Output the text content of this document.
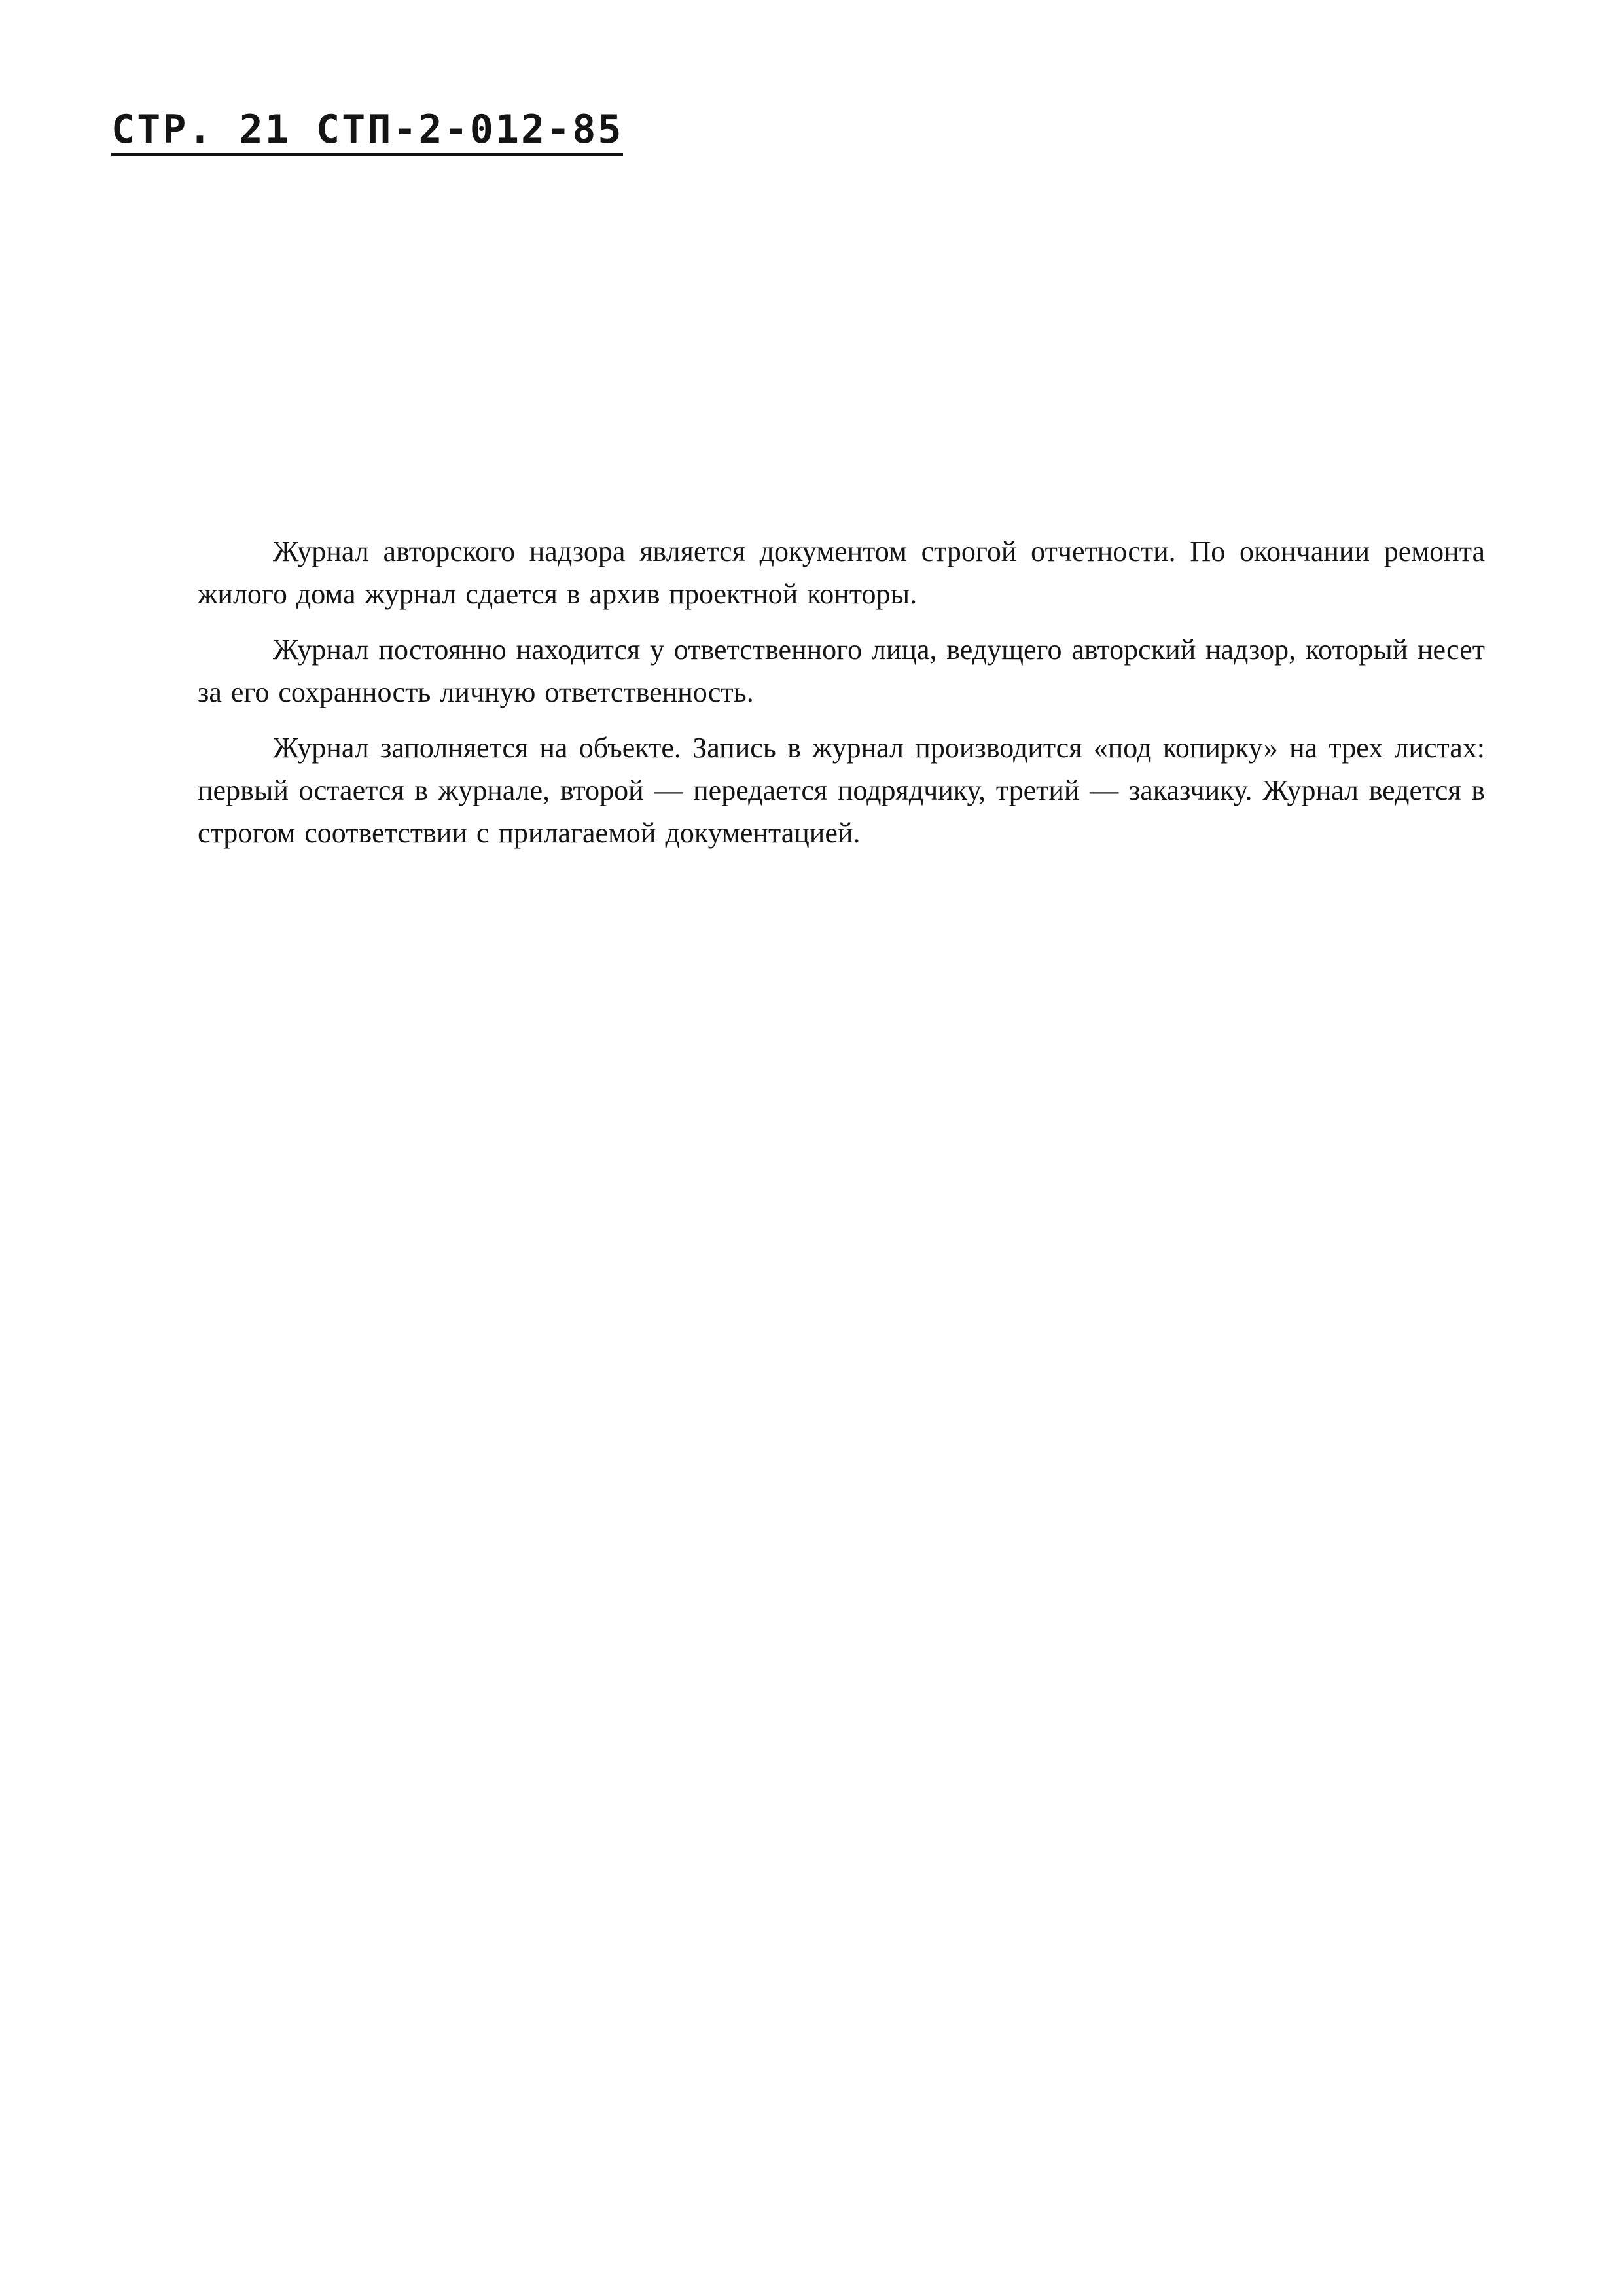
СТР. 21 СТП-2-012-85

Журнал авторского надзора является документом строгой отчетности. По окончании ремонта жилого дома журнал сдается в архив проектной конторы.

Журнал постоянно находится у ответственного лица, ведущего авторский надзор, который несет за его сохранность личную ответственность.

Журнал заполняется на объекте. Запись в журнал производится «под копирку» на трех листах: первый остается в журнале, второй — передается подрядчику, третий — заказчику. Журнал ведется в строгом соответствии с прилагаемой документацией.
